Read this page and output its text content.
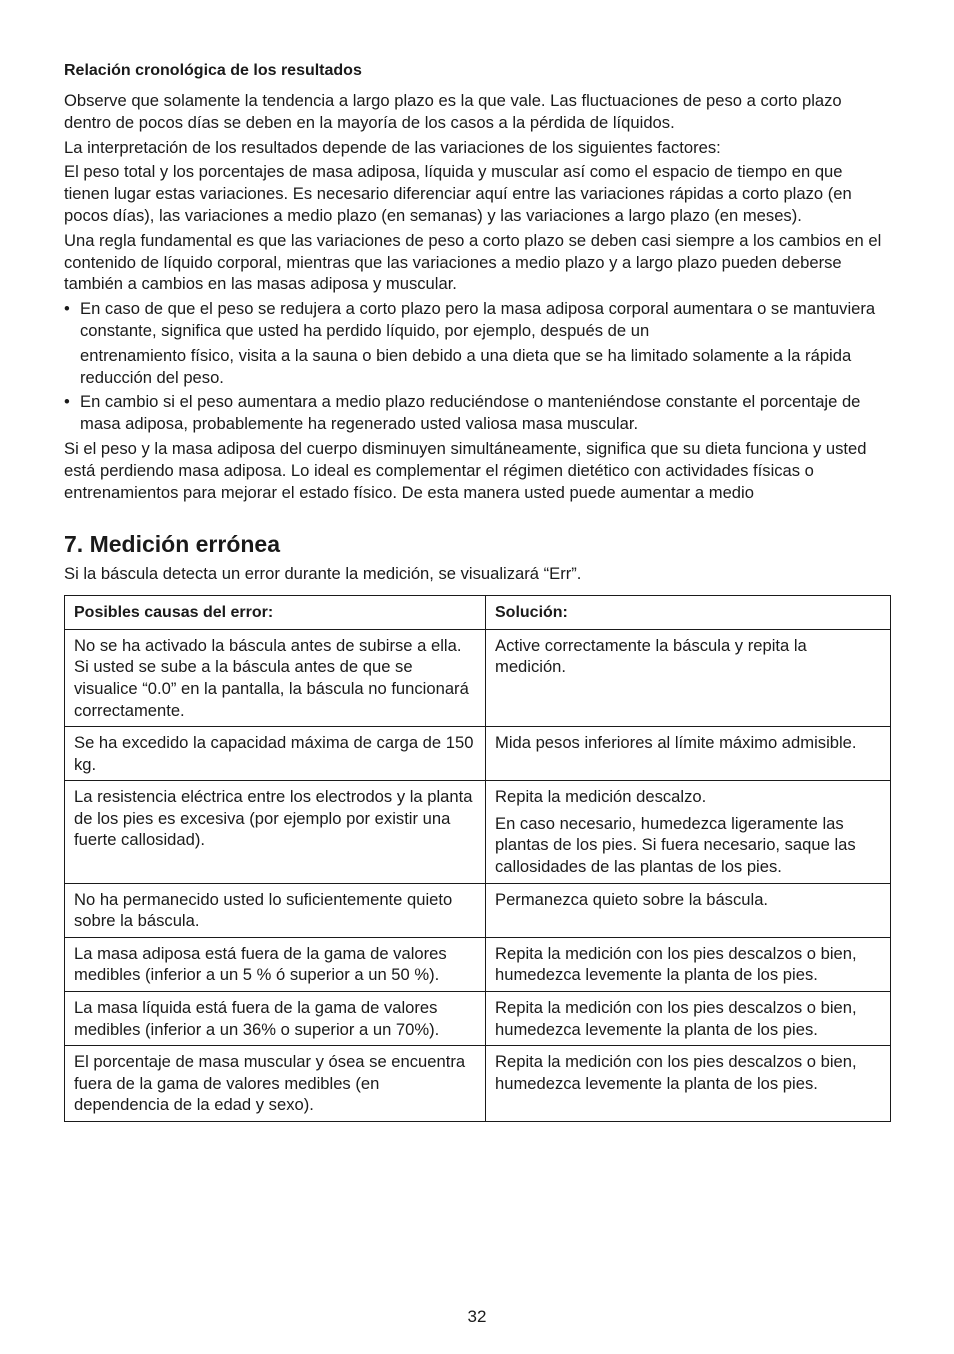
Relación cronológica de los resultados

Observe que solamente la tendencia a largo plazo es la que vale. Las fluctuaciones de peso a corto plazo dentro de pocos días se deben en la mayoría de los casos a la pérdida de líquidos.

La interpretación de los resultados depende de las variaciones de los siguientes factores:

El peso total y los porcentajes de masa adiposa, líquida y muscular así como el espacio de tiempo en que tienen lugar estas variaciones. Es necesario diferenciar aquí entre las variaciones rápidas a corto plazo (en pocos días), las variaciones a medio plazo (en semanas) y las variaciones a largo plazo (en meses).

Una regla fundamental es que las variaciones de peso a corto plazo se deben casi siempre a los cambios en el contenido de líquido corporal, mientras que las variaciones a medio plazo y a largo plazo pueden deberse también a cambios en las masas adiposa y muscular.

• En caso de que el peso se redujera a corto plazo pero la masa adiposa corporal aumentara o se mantuviera constante, significa que usted ha perdido líquido, por ejemplo, después de un
entrenamiento físico, visita a la sauna o bien debido a una dieta que se ha limitado solamente a la rápida reducción del peso.
• En cambio si el peso aumentara a medio plazo reduciéndose o manteniéndose constante el porcentaje de masa adiposa, probablemente ha regenerado usted valiosa masa muscular.

Si el peso y la masa adiposa del cuerpo disminuyen simultáneamente, significa que su dieta funciona y usted está perdiendo masa adiposa. Lo ideal es complementar el régimen dietético con actividades físicas o entrenamientos para mejorar el estado físico. De esta manera usted puede aumentar a medio

7. Medición errónea

Si la báscula detecta un error durante la medición, se visualizará “Err”.

Posibles causas del error:	Solución:
No se ha activado la báscula antes de subirse a ella. Si usted se sube a la báscula antes de que se visualice “0.0” en la pantalla, la báscula no funcionará correctamente.	Active correctamente la báscula y repita la medición.

Se ha excedido la capacidad máxima de carga de 150 kg.	Mida pesos inferiores al límite máximo admisible.

La resistencia eléctrica entre los electrodos y la planta de los pies es excesiva (por ejemplo por existir una fuerte callosidad).	Repita la medición descalzo.
En caso necesario, humedezca ligeramente las plantas de los pies. Si fuera necesario, saque las callosidades de las plantas de los pies.

No ha permanecido usted lo suficientemente quieto sobre la báscula.	Permanezca quieto sobre la báscula.

La masa adiposa está fuera de la gama de valores medibles (inferior a un 5 % ó superior a un 50 %).	Repita la medición con los pies descalzos o bien, humedezca levemente la planta de los pies.

La masa líquida está fuera de la gama de valores medibles (inferior a un 36% o superior a un 70%).	Repita la medición con los pies descalzos o bien, humedezca levemente la planta de los pies.

El porcentaje de masa muscular y ósea se encuentra fuera de la gama de valores medibles (en dependencia de la edad y sexo).	Repita la medición con los pies descalzos o bien, humedezca levemente la planta de los pies.
32
